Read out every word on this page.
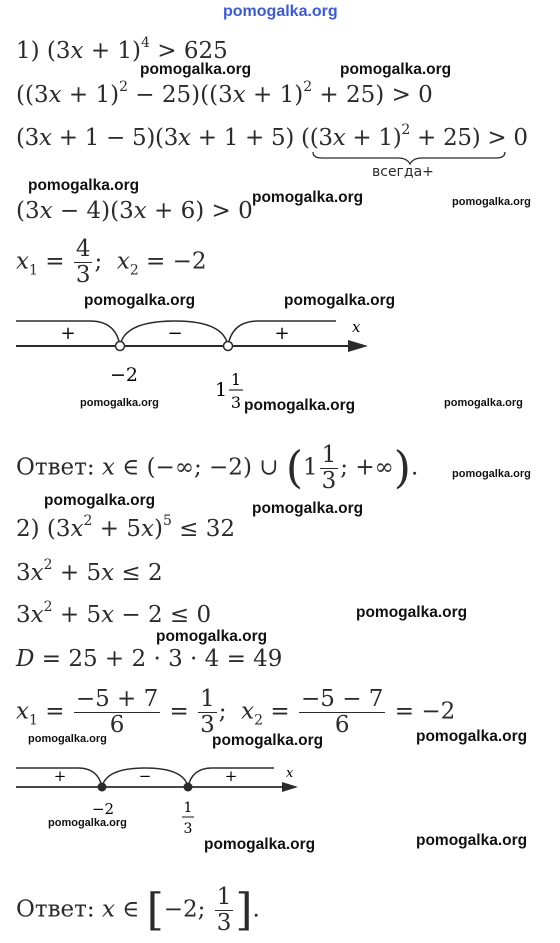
pomogalka.org
1) $(3x + 1)^4 > 625$
$((3x + 1)^2 - 25)((3x + 1)^2 + 25) > 0$
(3x + 1 − 5)(3x + 1 + 5) $((3x + 1)^2 + 25) > 0$
всегда+
(3x − 4)(3x + 6) > 0
$x_1 = \frac{4}{3}$ ; $x_2 = -2$
+	−	+	x
−2
1 1
3
Ответ: x ∈ (−∞; −2) ∪ ($1 \frac{1}{3}$ ; +∞).
2) $(3x^2 + 5x)^5 \le 32$
$3x^2 + 5x \le 2$
$3x^2 + 5x - 2 \le 0$
D = 25 + 2 · 3 · 4 = 49
$x_1 = \frac{-5 + 7}{6} = \frac{1}{3}$ ; $x_2 = \frac{-5 - 7}{6} = -2$
+	−	+	x
−2	1
3
Ответ: x ∈ [−2; $\frac{1}{3}$ ].
pomogalka.org	pomogalka.org
pomogalka.org
pomogalka.org	pomogalka.org
pomogalka.org	pomogalka.org
pomogalka.org	pomogalka.org	pomogalka.org
pomogalka.org
pomogalka.org	pomogalka.org
pomogalka.org
pomogalka.org
pomogalka.org	pomogalka.org	pomogalka.org
pomogalka.org
pomogalka.org
pomogalka.org
